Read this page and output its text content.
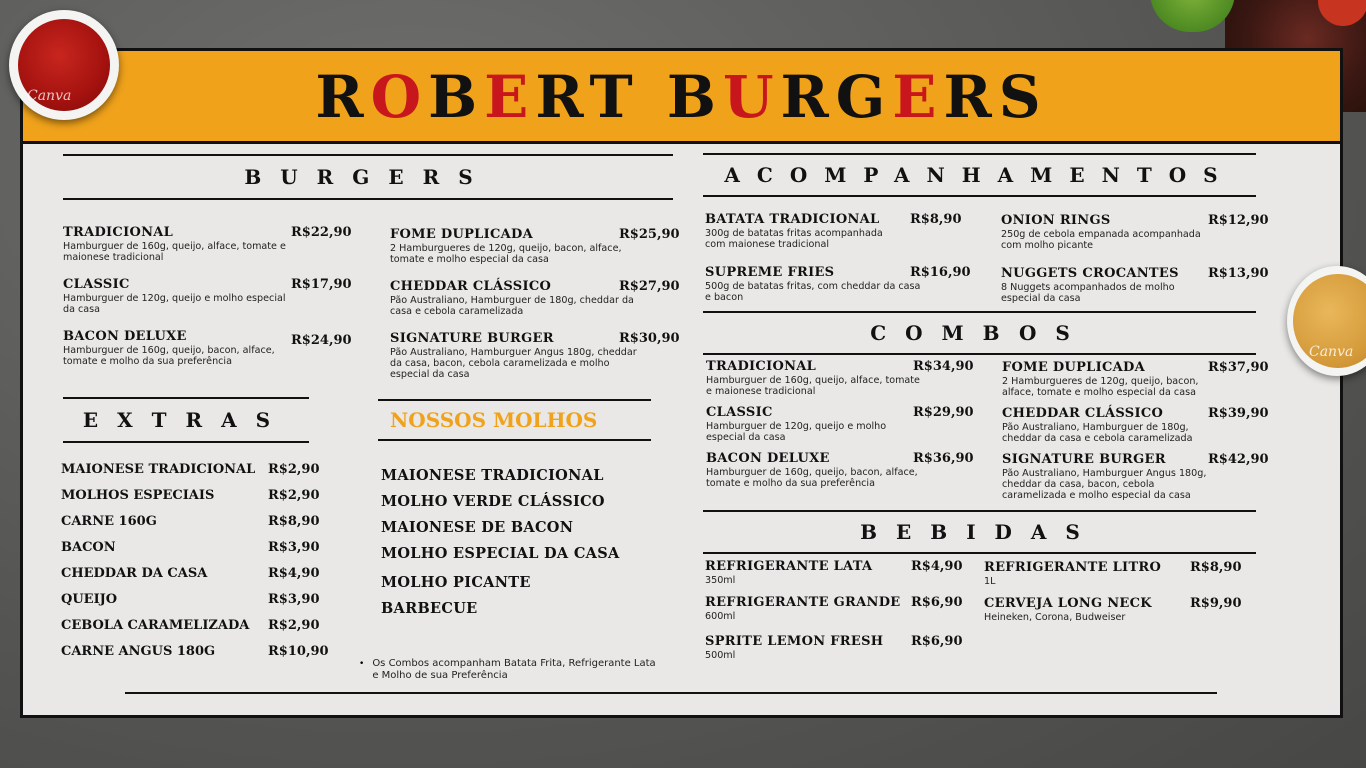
ROBERT BURGERS
BURGERS
TRADICIONAL	R$22,90
Hamburguer de 160g, queijo, alface, tomate e maionese tradicional
CLASSIC	R$17,90
Hamburguer de 120g, queijo e molho especial da casa
BACON DELUXE	R$24,90
Hamburguer de 160g, queijo, bacon, alface, tomate e molho da sua preferência
FOME DUPLICADA	R$25,90
2 Hamburgueres de 120g, queijo, bacon, alface, tomate e molho especial da casa
CHEDDAR CLÁSSICO	R$27,90
Pão Australiano, Hamburguer de 180g, cheddar da casa e cebola caramelizada
SIGNATURE BURGER	R$30,90
Pão Australiano, Hamburguer Angus 180g, cheddar da casa, bacon, cebola caramelizada e molho especial da casa
EXTRAS
MAIONESE TRADICIONAL R$2,90
MOLHOS ESPECIAIS	R$2,90
CARNE 160G	R$8,90
BACON	R$3,90
CHEDDAR DA CASA	R$4,90
QUEIJO	R$3,90
CEBOLA CARAMELIZADA R$2,90
CARNE ANGUS 180G	R$10,90
NOSSOS MOLHOS
MAIONESE TRADICIONAL
MOLHO VERDE CLÁSSICO
MAIONESE DE BACON
MOLHO ESPECIAL DA CASA
MOLHO PICANTE
BARBECUE
• Os Combos acompanham Batata Frita, Refrigerante Lata e Molho de sua Preferência
ACOMPANHAMENTOS
BATATA TRADICIONAL R$8,90
300g de batatas fritas acompanhada com maionese tradicional
SUPREME FRIES	R$16,90
500g de batatas fritas, com cheddar da casa e bacon
ONION RINGS	R$12,90
250g de cebola empanada acompanhada com molho picante
NUGGETS CROCANTES R$13,90
8 Nuggets acompanhados de molho especial da casa
COMBOS
TRADICIONAL	R$34,90
Hamburguer de 160g, queijo, alface, tomate e maionese tradicional
CLASSIC	R$29,90
Hamburguer de 120g, queijo e molho especial da casa
BACON DELUXE	R$36,90
Hamburguer de 160g, queijo, bacon, alface, tomate e molho da sua preferência
FOME DUPLICADA	R$37,90
2 Hamburgueres de 120g, queijo, bacon, alface, tomate e molho especial da casa
CHEDDAR CLÁSSICO	R$39,90
Pão Australiano, Hamburguer de 180g, cheddar da casa e cebola caramelizada
SIGNATURE BURGER	R$42,90
Pão Australiano, Hamburguer Angus 180g, cheddar da casa, bacon, cebola caramelizada e molho especial da casa
BEBIDAS
REFRIGERANTE LATA	R$4,90
350ml
REFRIGERANTE GRANDE R$6,90
600ml
SPRITE LEMON FRESH R$6,90
500ml
REFRIGERANTE LITRO R$8,90
1L
CERVEJA LONG NECK	R$9,90
Heineken, Corona, Budweiser
Canva
Canva
